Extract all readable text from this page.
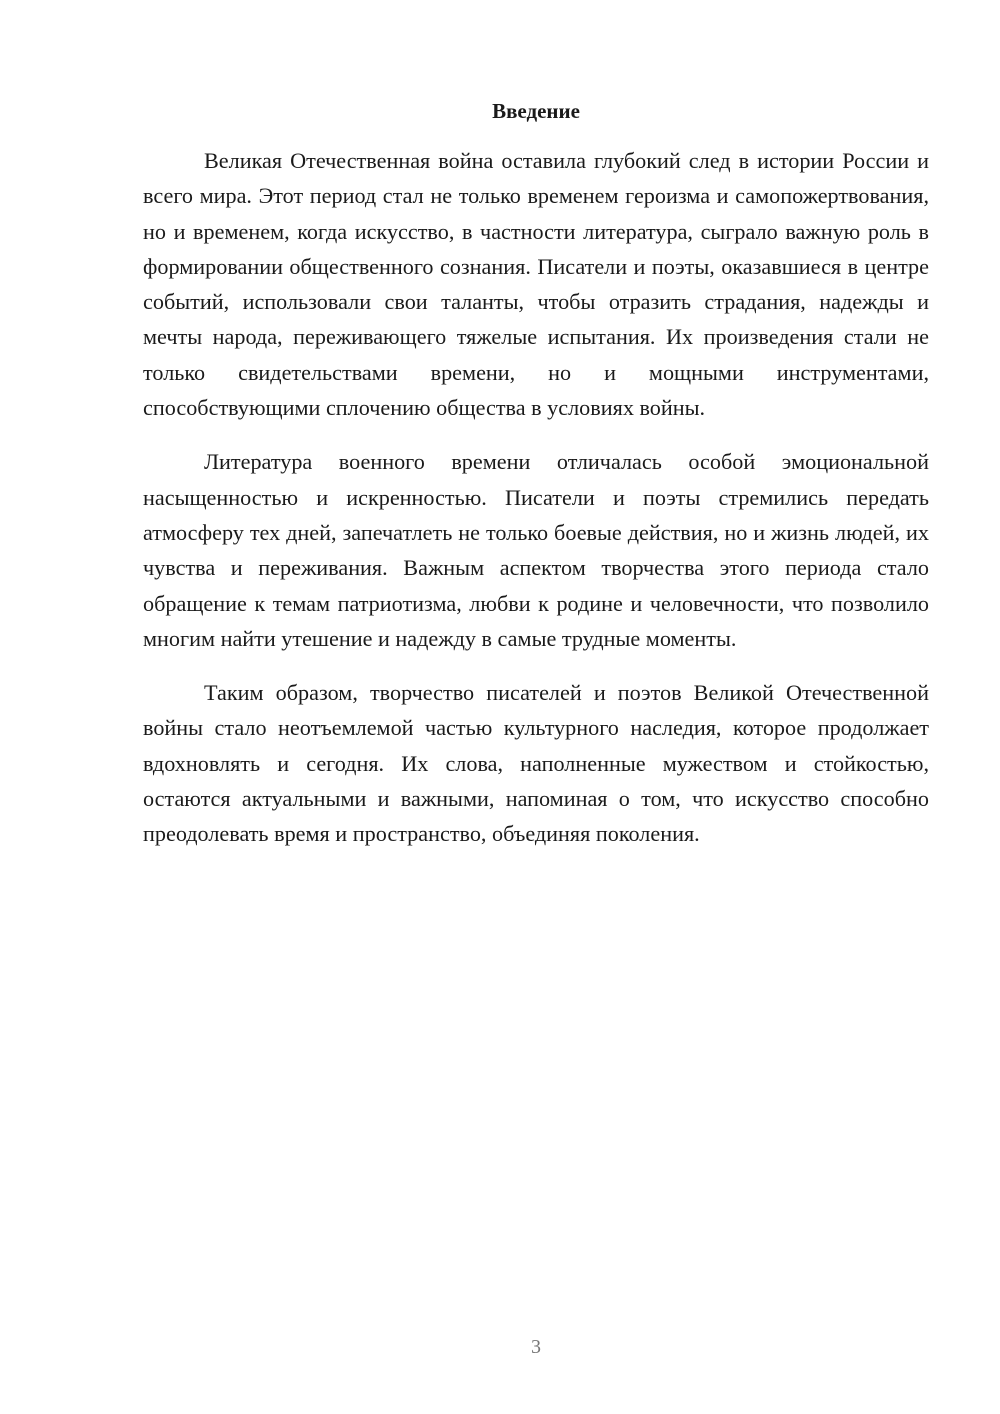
Введение

Великая Отечественная война оставила глубокий след в истории России и всего мира. Этот период стал не только временем героизма и самопожертвования, но и временем, когда искусство, в частности литература, сыграло важную роль в формировании общественного сознания. Писатели и поэты, оказавшиеся в центре событий, использовали свои таланты, чтобы отразить страдания, надежды и мечты народа, переживающего тяжелые испытания. Их произведения стали не только свидетельствами времени, но и мощными инструментами, способствующими сплочению общества в условиях войны.

Литература военного времени отличалась особой эмоциональной насыщенностью и искренностью. Писатели и поэты стремились передать атмосферу тех дней, запечатлеть не только боевые действия, но и жизнь людей, их чувства и переживания. Важным аспектом творчества этого периода стало обращение к темам патриотизма, любви к родине и человечности, что позволило многим найти утешение и надежду в самые трудные моменты.

Таким образом, творчество писателей и поэтов Великой Отечественной войны стало неотъемлемой частью культурного наследия, которое продолжает вдохновлять и сегодня. Их слова, наполненные мужеством и стойкостью, остаются актуальными и важными, напоминая о том, что искусство способно преодолевать время и пространство, объединяя поколения.

3
